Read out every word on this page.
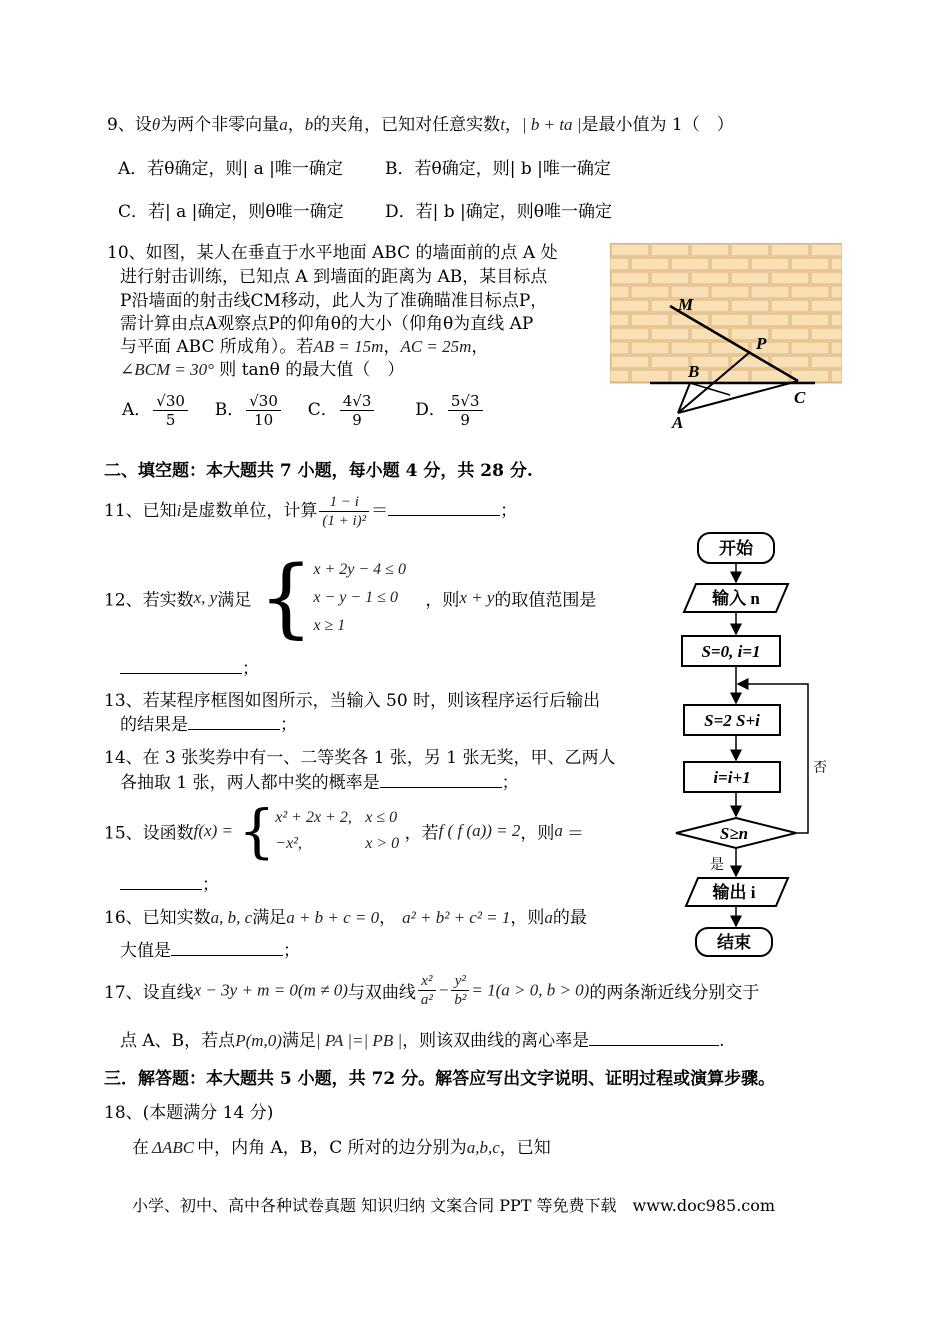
9、设θ为两个非零向量a，b的夹角，已知对任意实数t，| b + ta |是最小值为 1（　）
A．若θ确定，则| a |唯一确定 B．若θ确定，则| b |唯一确定
C．若| a |确定，则θ唯一确定 D．若| b |确定，则θ唯一确定
10、如图，某人在垂直于水平地面 ABC 的墙面前的点 A 处
进行射击训练，已知点 A 到墙面的距离为 AB，某目标点
P沿墙面的射击线CM移动，此人为了准确瞄准目标点P，
需计算由点A观察点P的仰角θ的大小（仰角θ为直线 AP
与平面 ABC 所成角）。若AB = 15m，AC = 25m，
∠BCM = 30° 则 tanθ 的最大值（　）
A． $\frac{√30}{5}$ B． $\frac{√30}{10}$ C． $\frac{4√3}{9}$ D． $\frac{5√3}{9}$
M
P
B
C
A
二、填空题：本大题共 7 小题，每小题 4 分，共 28 分.
11、已知i是虚数单位，计算 $\frac{1 - i}{\text{(1 + i)²}}$ ＝	；
12、若实数x, y满足 { x + 2y − 4 ≤ 0
x − y − 1 ≤ 0
x ≥ 1
，则x + y的取值范围是
；
13、若某程序框图如图所示，当输入 50 时，则该程序运行后输出
的结果是	；
14、在 3 张奖券中有一、二等奖各 1 张，另 1 张无奖，甲、乙两人
各抽取 1 张，两人都中奖的概率是	；
15、设函数f(x) = { x² + 2x + 2, x ≤ 0
−x²,	x > 0 ，若f ( f (a)) = 2，则a ＝
；
16、已知实数a, b, c满足a + b + c = 0， a² + b² + c² = 1，则a的最
大值是	；
17、设直线x − 3y + m = 0(m ≠ 0)与双曲线 $\frac{\text{x²}}{\text{a²}} - \frac{\text{y²}}{\text{b²}} = 1(a > 0$, b > 0)的两条渐近线分别交于
点 A、B，若点P(m,0)满足| PA |=| PB |，则该双曲线的离心率是	.
三．解答题：本大题共 5 小题，共 72 分。解答应写出文字说明、证明过程或演算步骤。
18、(本题满分 14 分)
在 ΔABC 中，内角 A，B，C 所对的边分别为a,b,c，已知
开始
输入 n
S=0, i=1
S=2 S+i
i=i+1
S≥n
否
是
输出 i
结束
小学、初中、高中各种试卷真题 知识归纳 文案合同 PPT 等免费下载　www.doc985.com
